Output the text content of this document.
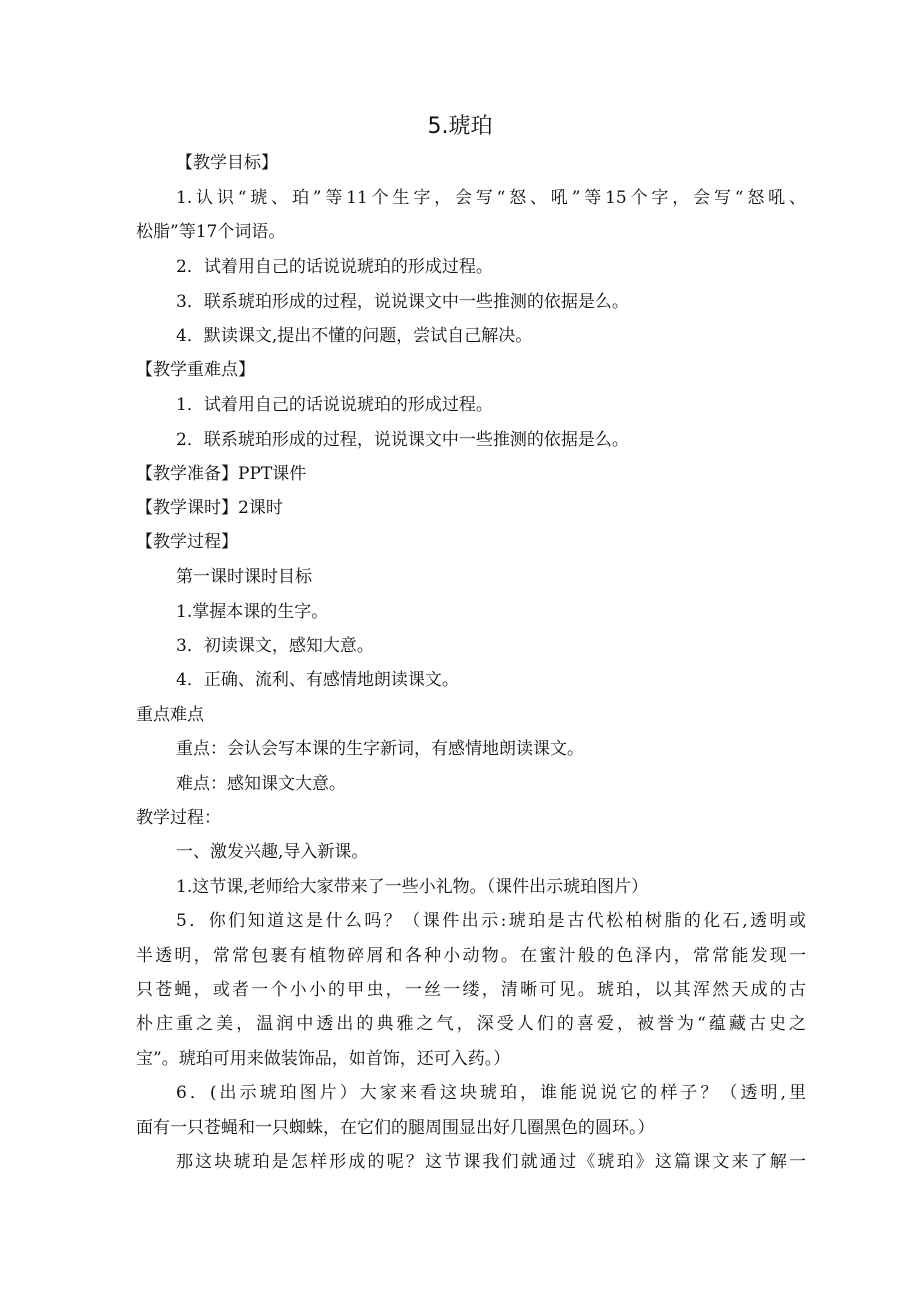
5.琥珀
【教学目标】
1.认识“琥、珀”等11个生字，会写“怒、吼”等15个字，会写“怒吼、
松脂”等17个词语。
2．试着用自己的话说说琥珀的形成过程。
3．联系琥珀形成的过程，说说课文中一些推测的依据是么。
4．默读课文,提出不懂的问题，尝试自己解决。
【教学重难点】
1．试着用自己的话说说琥珀的形成过程。
2．联系琥珀形成的过程，说说课文中一些推测的依据是么。
【教学准备】PPT课件
【教学课时】2课时
【教学过程】
第一课时课时目标
1.掌握本课的生字。
3．初读课文，感知大意。
4．正确、流利、有感情地朗读课文。
重点难点
重点：会认会写本课的生字新词，有感情地朗读课文。
难点：感知课文大意。
教学过程：
一、激发兴趣,导入新课。
1.这节课,老师给大家带来了一些小礼物。（课件出示琥珀图片）
5．你们知道这是什么吗？（课件出示:琥珀是古代松柏树脂的化石,透明或
半透明，常常包裹有植物碎屑和各种小动物。在蜜汁般的色泽内，常常能发现一
只苍蝇，或者一个小小的甲虫，一丝一缕，清晰可见。琥珀，以其浑然天成的古
朴庄重之美，温润中透出的典雅之气，深受人们的喜爱，被誉为“蕴藏古史之
宝”。琥珀可用来做装饰品，如首饰，还可入药。）
6．(出示琥珀图片）大家来看这块琥珀，谁能说说它的样子？（透明,里
面有一只苍蝇和一只蜘蛛，在它们的腿周围显出好几圈黑色的圆环。）
那这块琥珀是怎样形成的呢？这节课我们就通过《琥珀》这篇课文来了解一
